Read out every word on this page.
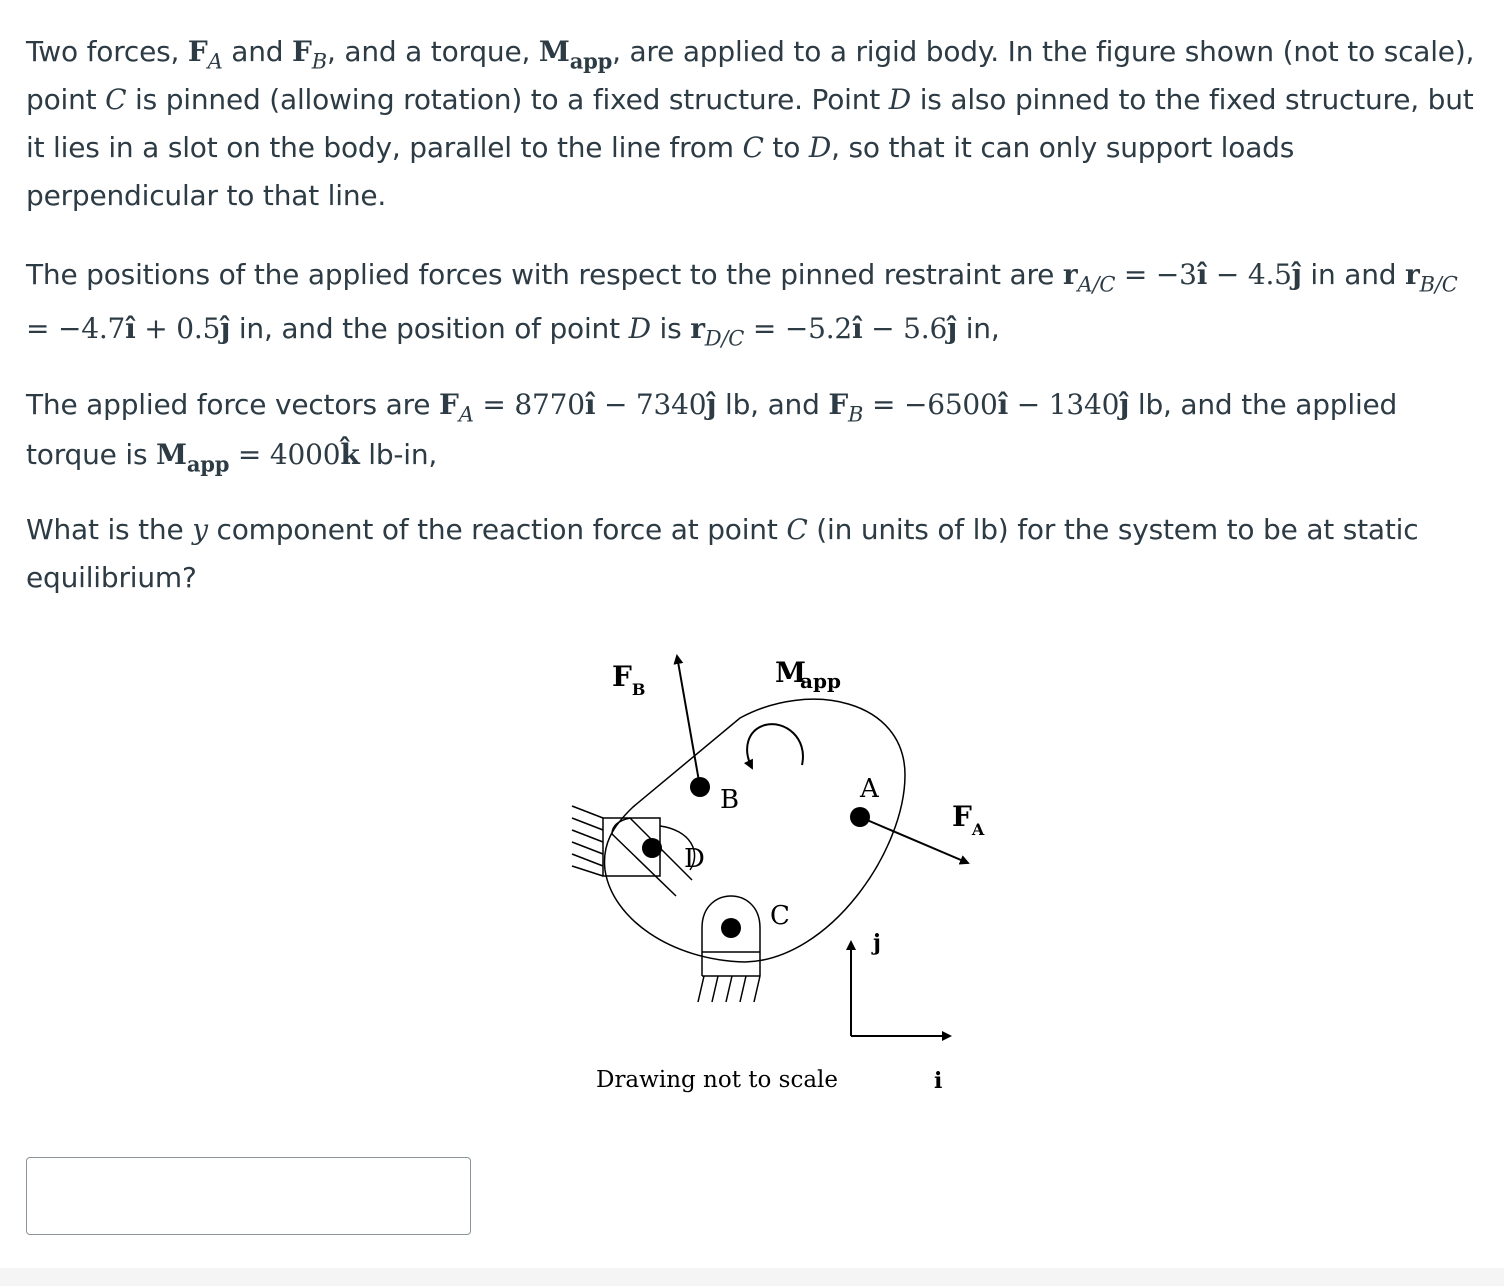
Two forces, $F_A$ and $F_B$, and a torque, $M_{app}$, are applied to a rigid body. In the figure shown (not to scale), point C is pinned (allowing rotation) to a fixed structure. Point D is also pinned to the fixed structure, but it lies in a slot on the body, parallel to the line from C to D, so that it can only support loads perpendicular to that line.

The positions of the applied forces with respect to the pinned restraint are $r_{A/C}$ = −3î − 4.5ĵ in and $r_{B/C}$ = −4.7î + 0.5ĵ in, and the position of point D is $r_{D/C}$ = −5.2î − 5.6ĵ in,

The applied force vectors are $F_A$ = 8770î − 7340ĵ lb, and $F_B$ = −6500î − 1340ĵ lb, and the applied torque is $M_{app}$ = 4000k̂ lb-in,

What is the y component of the reaction force at point C (in units of lb) for the system to be at static equilibrium?

$F_B$
Mapp
B	A
$F_A$
D
C
j
i
Drawing not to scale
